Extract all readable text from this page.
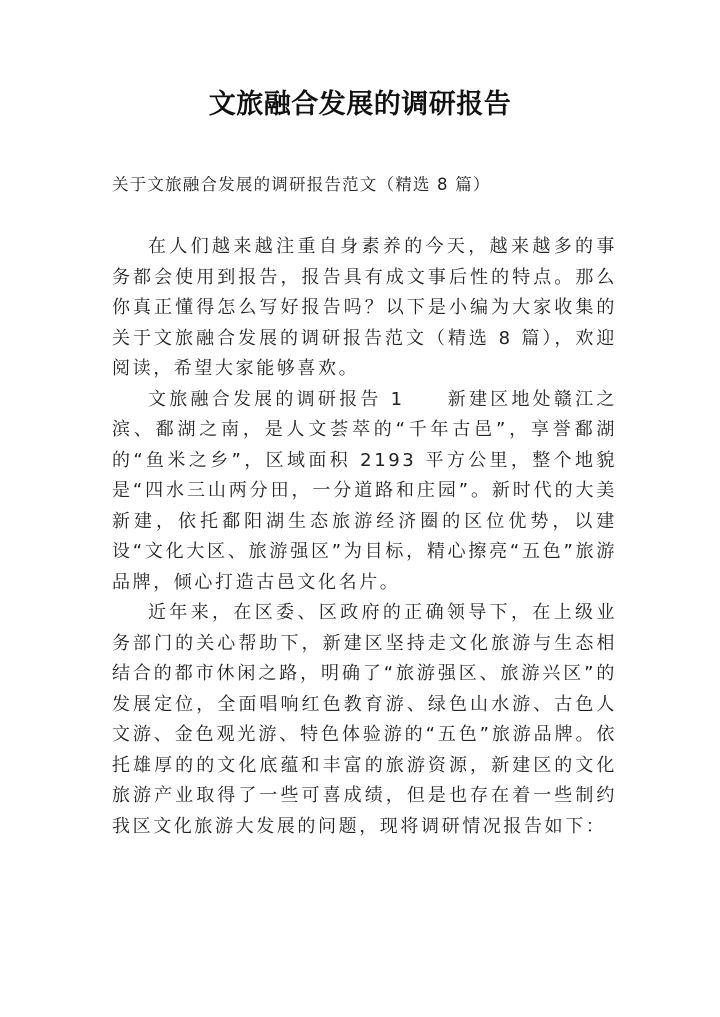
文旅融合发展的调研报告

关于文旅融合发展的调研报告范文（精选 8 篇）

在人们越来越注重自身素养的今天，越来越多的事务都会使用到报告，报告具有成文事后性的特点。那么你真正懂得怎么写好报告吗？以下是小编为大家收集的关于文旅融合发展的调研报告范文（精选 8 篇），欢迎阅读，希望大家能够喜欢。

文旅融合发展的调研报告 1　　新建区地处赣江之滨、鄱湖之南，是人文荟萃的“千年古邑”，享誉鄱湖的“鱼米之乡”，区域面积 2193 平方公里，整个地貌是“四水三山两分田，一分道路和庄园”。新时代的大美新建，依托鄱阳湖生态旅游经济圈的区位优势，以建设“文化大区、旅游强区”为目标，精心擦亮“五色”旅游品牌，倾心打造古邑文化名片。

近年来，在区委、区政府的正确领导下，在上级业务部门的关心帮助下，新建区坚持走文化旅游与生态相结合的都市休闲之路，明确了“旅游强区、旅游兴区”的发展定位，全面唱响红色教育游、绿色山水游、古色人文游、金色观光游、特色体验游的“五色”旅游品牌。依托雄厚的的文化底蕴和丰富的旅游资源，新建区的文化旅游产业取得了一些可喜成绩，但是也存在着一些制约我区文化旅游大发展的问题，现将调研情况报告如下：
